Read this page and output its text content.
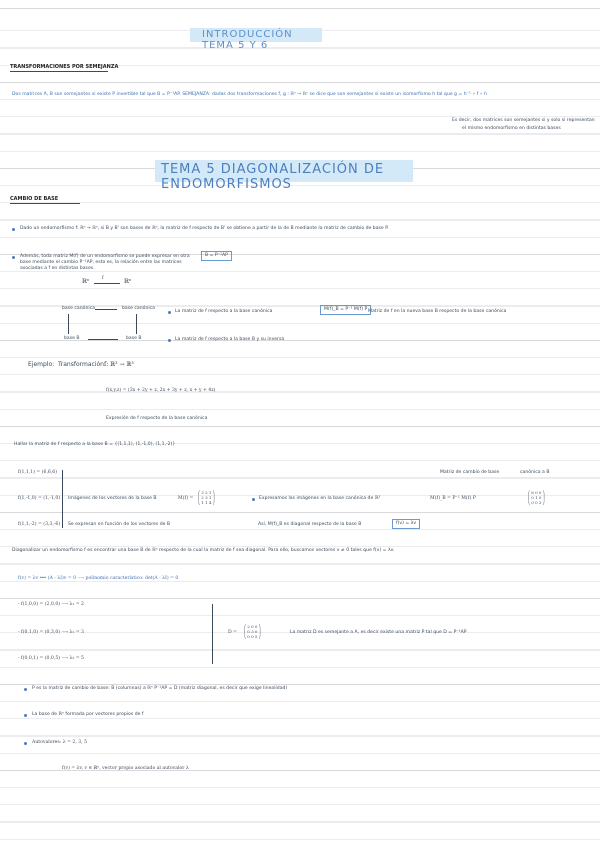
INTRODUCCIÓN TEMA 5 Y 6
TRANSFORMACIONES POR SEMEJANZA
Dos matrices A, B son semejantes si existe P invertible tal que B = P⁻¹AP. SEMEJANZA: dadas dos transformaciones f, g : ℝⁿ → ℝⁿ se dice que son semejantes si existe un isomorfismo h tal que g = h⁻¹ ∘ f ∘ h
Es decir, dos matrices son semejantes si y solo si representan
el mismo endomorfismo en distintas bases
TEMA 5 DIAGONALIZACIÓN DE ENDOMORFISMOS
CAMBIO DE BASE
Dado un endomorfismo f: ℝⁿ → ℝⁿ, si B y B' son bases de ℝⁿ, la matriz de f respecto de B' se obtiene a partir de la de B mediante la matriz de cambio de base P.
Además, toda matriz M(f) de un endomorfismo se puede expresar en otra base mediante el cambio P⁻¹AP, esto es, la relación entre las matrices asociadas a f en distintas bases.
B = P⁻¹AP
ℝⁿ	f	ℝⁿ
base canónica	base canónica
base B	base B
La matriz de f respecto a la base canónica	M(f)_B = P⁻¹ M(f) P Matriz de f en la nueva base B respecto de la base canónica
La matriz de f respecto a la base B y su inversa
Ejemplo: Transformación f: ℝ³ → ℝ³
f(x,y,z) = (3x + 2y + z, 2x + 3y + z, x + y + 4z)
Expresión de f respecto de la base canónica
Hallar la matriz de f respecto a la base B = {(1,1,1), (1,-1,0), (1,1,-2)}
f(1,1,1) = (6,6,6)
f(1,-1,0) = (1,-1,0)
f(1,1,-2) = (3,3,-6)
Imágenes de los vectores de la base B
Se expresan en función de los vectores de B
M(f) =
⎛ 3 2 1 ⎞
⎜ 2 3 1 ⎟
⎝ 1 1 4 ⎠
Expresamos las imágenes en la base canónica de ℝ³
Matriz de cambio de base	canónica a B
M(f)_B = P⁻¹ M(f) P
⎛ 6 0 0 ⎞
⎜ 0 1 0 ⎟
⎝ 0 0 3 ⎠
Así, M(f)_B es diagonal respecto de la base B	f(v) = λv
Diagonalizar un endomorfismo f es encontrar una base B de ℝⁿ respecto de la cual la matriz de f sea diagonal. Para ello, buscamos vectores v ≠ 0 tales que f(v) = λv.
f(v) = λv ⟺ (A - λI)v = 0 ⟶ polinomio característico: det(A - λI) = 0
- f(1,0,0) = (2,0,0) ⟶ λ₁ = 2
- f(0,1,0) = (0,3,0) ⟶ λ₂ = 3
- f(0,0,1) = (0,0,5) ⟶ λ₃ = 5
D =
⎛ 2 0 0 ⎞
⎜ 0 3 0 ⎟
⎝ 0 0 5 ⎠
La matriz D es semejante a A, es decir existe una matriz P tal que D = P⁻¹AP
P es la matriz de cambio de base: B (columnas) a ℝⁿ P⁻¹AP = D (matriz diagonal, es decir que exige linealidad)
La base de ℝⁿ formada por vectores propios de f
Autovalores: λ = 2, 3, 5
f(v) = λv, v ∈ ℝⁿ, vector propio asociado al autovalor λ
